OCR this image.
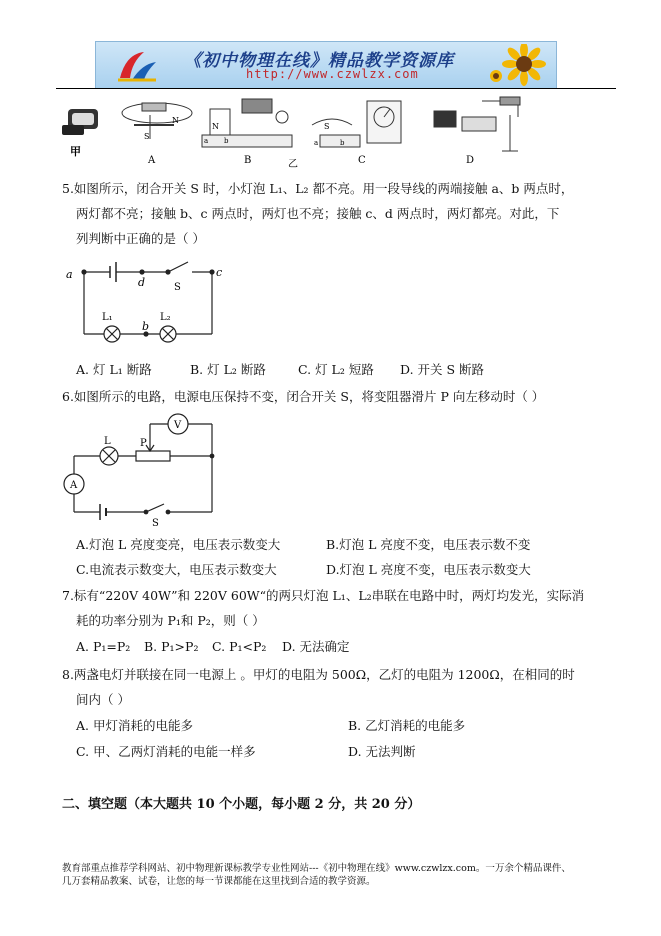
《初中物理在线》精品教学资源库
http://www.czwlzx.com
甲
S
N
A
N
a b
B	乙
S
a	b
C	D
5.如图所示，闭合开关 S 时，小灯泡 L₁、L₂ 都不亮。用一段导线的两端接触 a、b 两点时，
两灯都不亮；接触 b、c 两点时，两灯也不亮；接触 c、d 两点时，两灯都亮。对此，下
列判断中正确的是（ ）
a
d
c
b
S
L₁	L₂
A. 灯 L₁ 断路	B. 灯 L₂ 断路	C. 灯 L₂ 短路 D. 开关 S 断路
6.如图所示的电路，电源电压保持不变，闭合开关 S，将变阻器滑片 P 向左移动时（ ）
V
L	P
A
S
A.灯泡 L 亮度变亮，电压表示数变大	B.灯泡 L 亮度不变，电压表示数不变
C.电流表示数变大，电压表示数变大	D.灯泡 L 亮度不变，电压表示数变大
7.标有“220V 40W”和 220V 60W“的两只灯泡 L₁、L₂串联在电路中时，两灯均发光，实际消
耗的功率分别为 P₁和 P₂，则（ ）
A. P₁=P₂ B. P₁>P₂ C. P₁<P₂ D. 无法确定
8.两盏电灯并联接在同一电源上 。甲灯的电阻为 500Ω，乙灯的电阻为 1200Ω，在相同的时
间内（ ）
A. 甲灯消耗的电能多	B. 乙灯消耗的电能多
C. 甲、乙两灯消耗的电能一样多	D. 无法判断
二、填空题（本大题共 10 个小题，每小题 2 分，共 20 分）
教育部重点推荐学科网站、初中物理新课标教学专业性网站---《初中物理在线》www.czwlzx.com。一万余个精品课件、
几万套精品教案、试卷，让您的每一节课都能在这里找到合适的教学资源。
